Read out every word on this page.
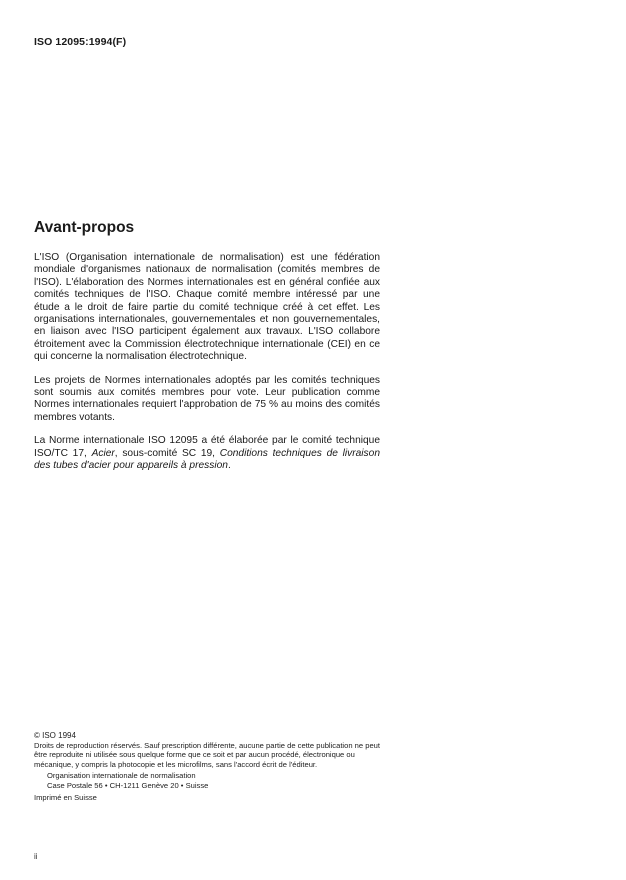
ISO 12095:1994(F)
Avant-propos

L'ISO (Organisation internationale de normalisation) est une fédération mondiale d'organismes nationaux de normalisation (comités membres de l'ISO). L'élaboration des Normes internationales est en général confiée aux comités techniques de l'ISO. Chaque comité membre intéressé par une étude a le droit de faire partie du comité technique créé à cet effet. Les organisations internationales, gouvernementales et non gouvernementales, en liaison avec l'ISO participent également aux travaux. L'ISO collabore étroitement avec la Commission électrotechnique internationale (CEI) en ce qui concerne la normalisation électrotechnique.

Les projets de Normes internationales adoptés par les comités techniques sont soumis aux comités membres pour vote. Leur publication comme Normes internationales requiert l'approbation de 75 % au moins des comités membres votants.

La Norme internationale ISO 12095 a été élaborée par le comité technique ISO/TC 17, Acier, sous-comité SC 19, Conditions techniques de livraison des tubes d'acier pour appareils à pression.

© ISO 1994

Droits de reproduction réservés. Sauf prescription différente, aucune partie de cette publication ne peut être reproduite ni utilisée sous quelque forme que ce soit et par aucun procédé, électronique ou mécanique, y compris la photocopie et les microfilms, sans l'accord écrit de l'éditeur.

Organisation internationale de normalisation

Case Postale 56 • CH-1211 Genève 20 • Suisse

Imprimé en Suisse

ii
